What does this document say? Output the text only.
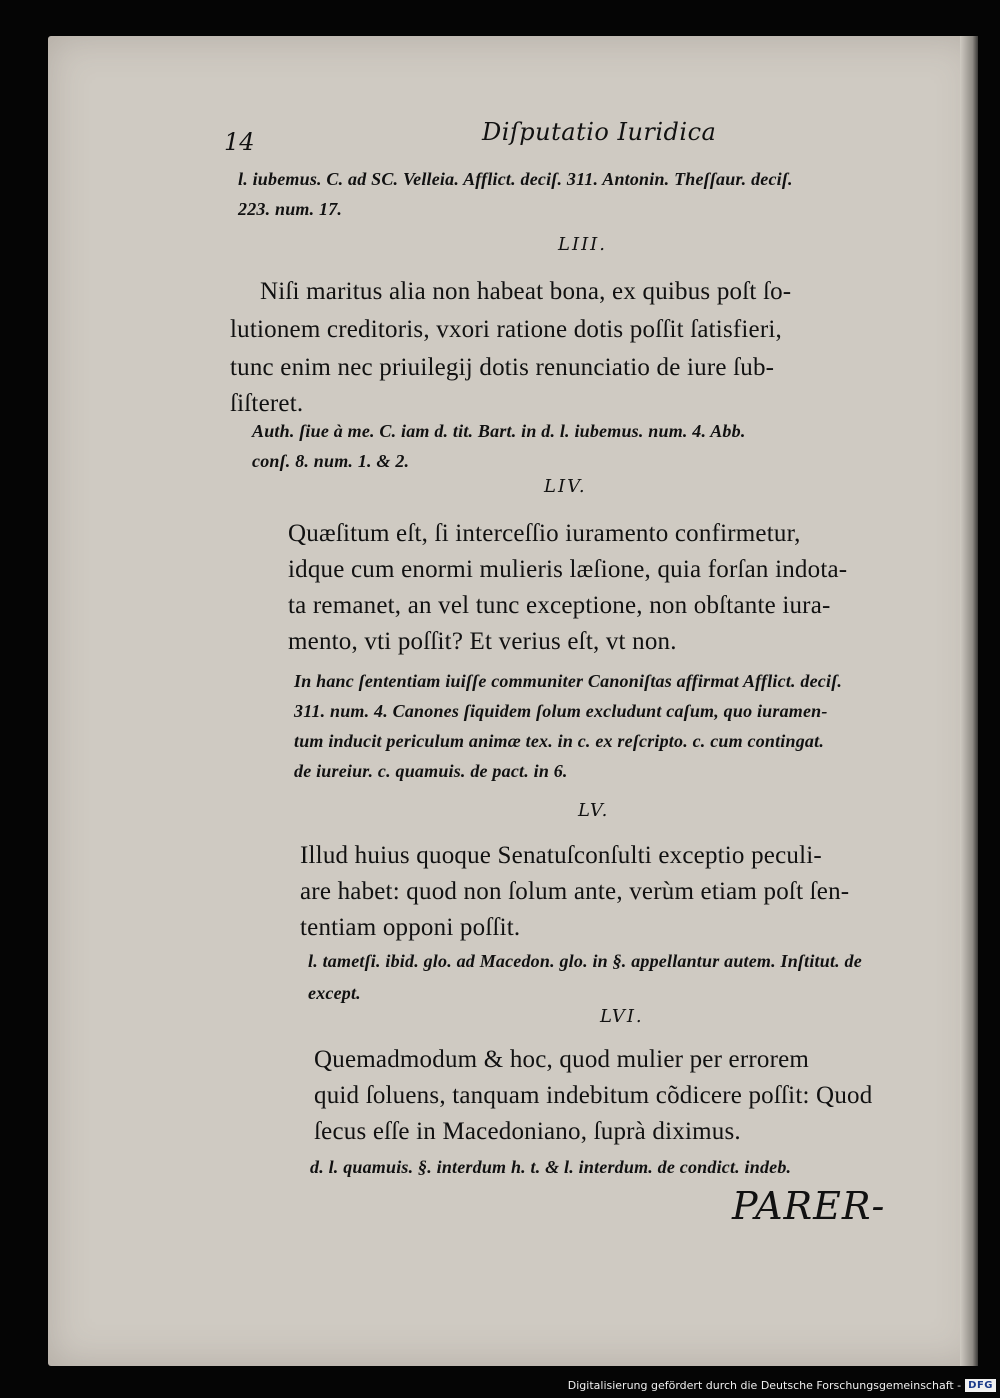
14	Diſputatio Iuridica
l. iubemus. C. ad SC. Velleia. Afflict. deciſ. 311. Antonin. Theſſaur. deciſ.
223. num. 17.
LIII.
Niſi maritus alia non habeat bona, ex quibus poſt ſo-
lutionem creditoris, vxori ratione dotis poſſit ſatisfieri,
tunc enim nec priuilegij dotis renunciatio de iure ſub-
ſiſteret.
Auth. ſiue à me. C. iam d. tit. Bart. in d. l. iubemus. num. 4. Abb.
conſ. 8. num. 1. & 2.
LIV.
Quæſitum eſt, ſi interceſſio iuramento confirmetur,
idque cum enormi mulieris læſione, quia forſan indota-
ta remanet, an vel tunc exceptione, non obſtante iura-
mento, vti poſſit? Et verius eſt, vt non.
In hanc ſententiam iuiſſe communiter Canoniſtas affirmat Afflict. deciſ.
311. num. 4. Canones ſiquidem ſolum excludunt caſum, quo iuramen-
tum inducit periculum animæ tex. in c. ex reſcripto. c. cum contingat.
de iureiur. c. quamuis. de pact. in 6.
LV.
Illud huius quoque Senatuſconſulti exceptio peculi-
are habet: quod non ſolum ante, verùm etiam poſt ſen-
tentiam opponi poſſit.
l. tametſi. ibid. glo. ad Macedon. glo. in §. appellantur autem. Inſtitut. de
except.
LVI.
Quemadmodum & hoc, quod mulier per errorem
quid ſoluens, tanquam indebitum cõdicere poſſit: Quod
ſecus eſſe in Macedoniano, ſuprà diximus.
d. l. quamuis. §. interdum h. t. & l. interdum. de condict. indeb.
PARER-
Digitalisierung gefördert durch die Deutsche Forschungsgemeinschaft - DFG
